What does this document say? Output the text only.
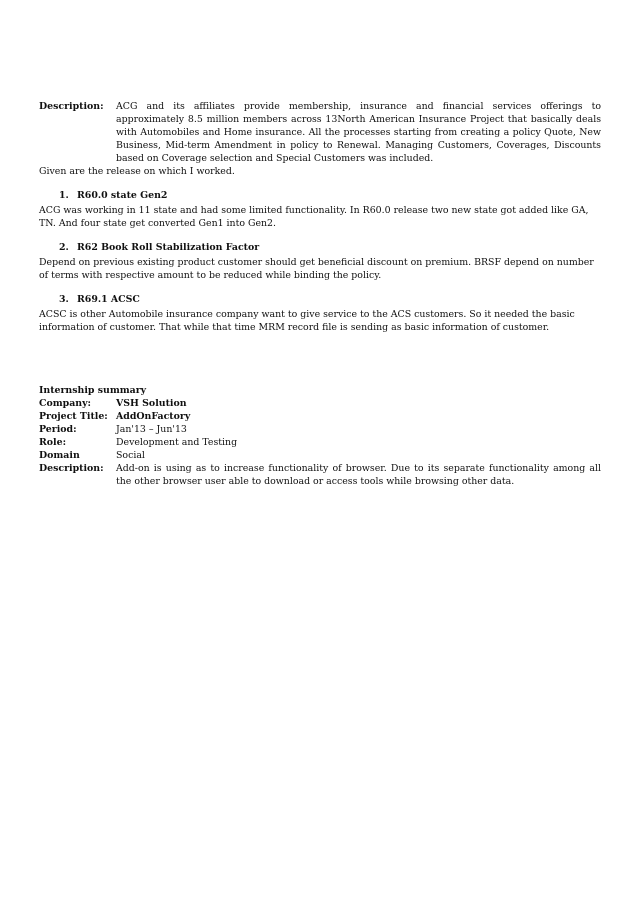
Description:	ACG and its affiliates provide membership, insurance and financial services offerings to approximately 8.5 million members across 13North American Insurance Project that basically deals with Automobiles and Home insurance. All the processes starting from creating a policy Quote, New Business, Mid-term Amendment in policy to Renewal. Managing Customers, Coverages, Discounts based on Coverage selection and Special Customers was included.
Given are the release on which I worked.
1. R60.0 state Gen2
ACG was working in 11 state and had some limited functionality. In R60.0 release two new state got added like GA, TN. And four state get converted Gen1 into Gen2.
2. R62 Book Roll Stabilization Factor
Depend on previous existing product customer should get beneficial discount on premium. BRSF depend on number of terms with respective amount to be reduced while binding the policy.
3. R69.1 ACSC
ACSC is other Automobile insurance company want to give service to the ACS customers. So it needed the basic information of customer. That while that time MRM record file is sending as basic information of customer.
Internship summary
Company:	VSH Solution
Project Title: AddOnFactory
Period:	Jan'13 – Jun'13
Role:	Development and Testing
Domain	Social
Description:	Add-on is using as to increase functionality of browser. Due to its separate functionality among all the other browser user able to download or access tools while browsing other data.
